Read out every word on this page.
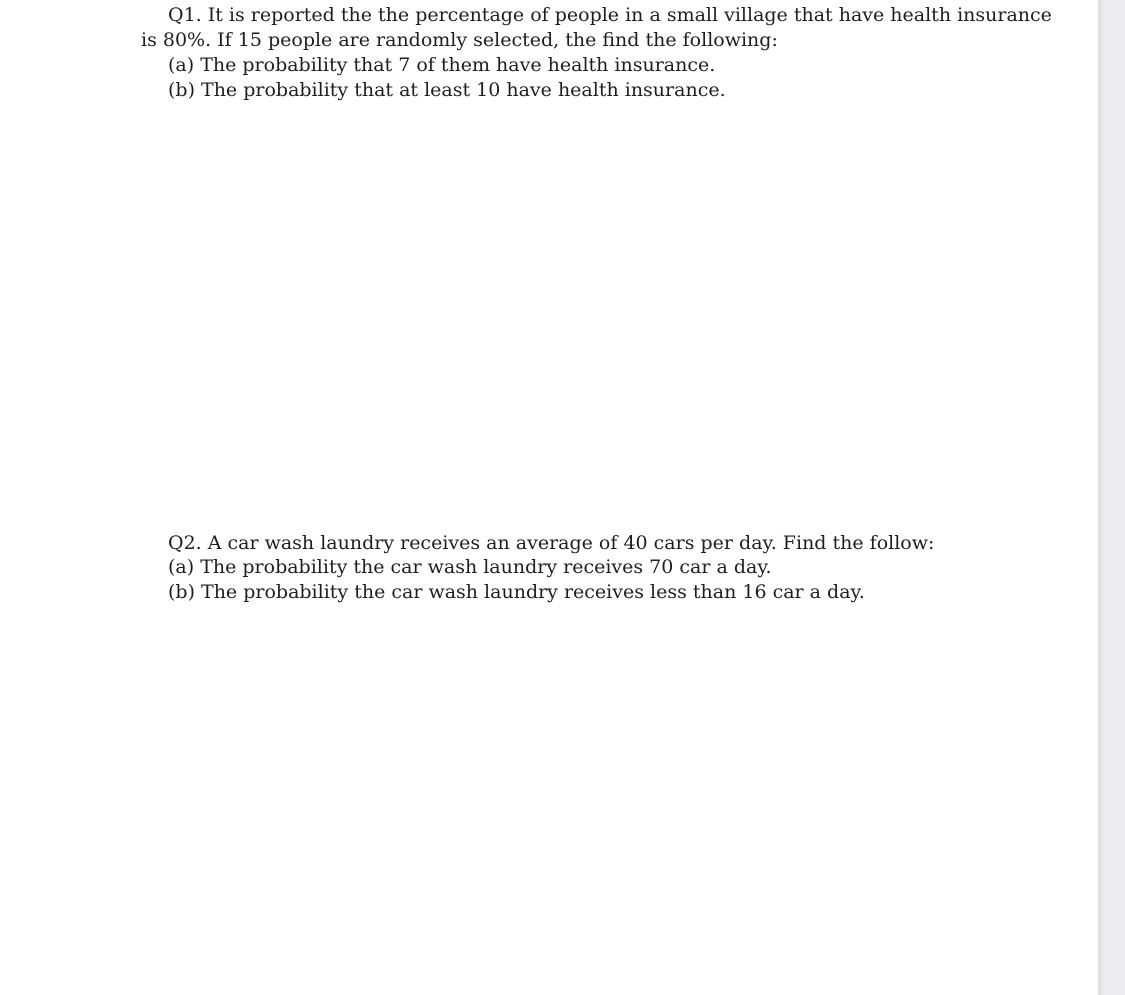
Q1. It is reported the the percentage of people in a small village that have health insurance
is 80%. If 15 people are randomly selected, the find the following:
(a) The probability that 7 of them have health insurance.
(b) The probability that at least 10 have health insurance.
Q2. A car wash laundry receives an average of 40 cars per day. Find the follow:
(a) The probability the car wash laundry receives 70 car a day.
(b) The probability the car wash laundry receives less than 16 car a day.
